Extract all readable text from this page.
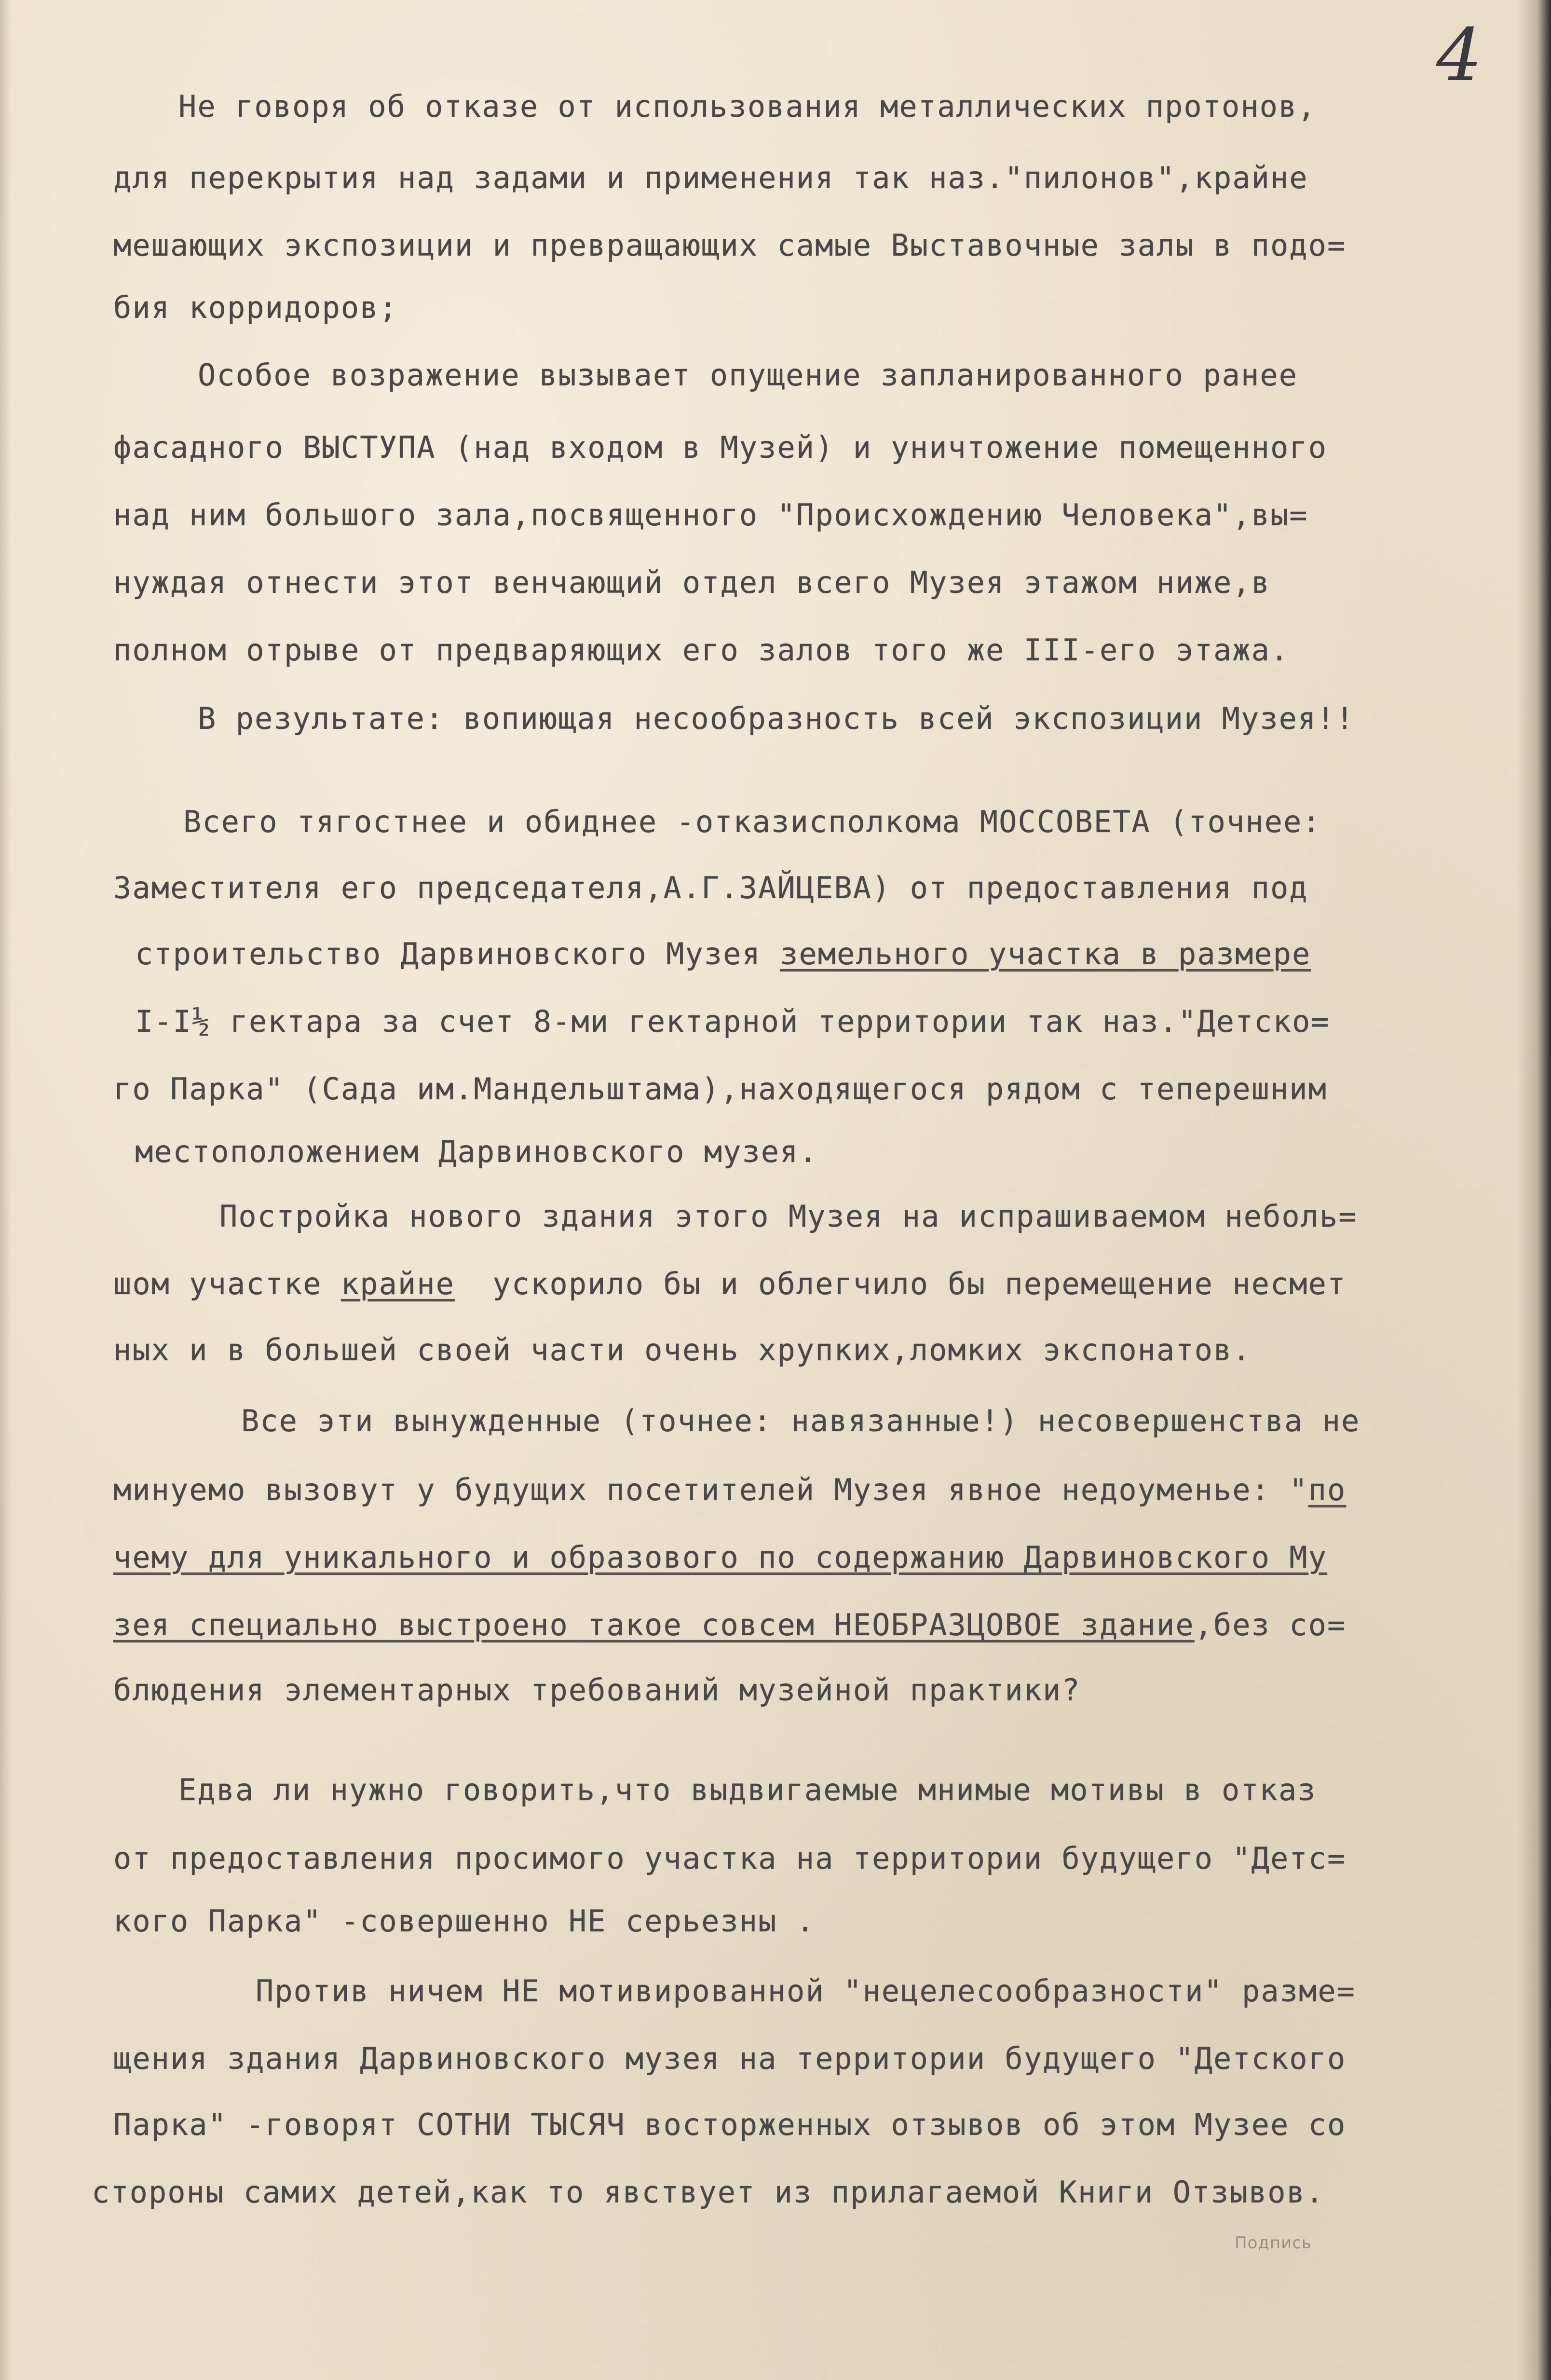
4
Не говоря об отказе от использования металлических протонов,
для перекрытия над задами и применения так наз."пилонов",крайне
мешающих экспозиции и превращающих самые Выставочные залы в подо=
бия корридоров;
Особое возражение вызывает опущение запланированного ранее
фасадного ВЫСТУПА (над входом в Музей) и уничтожение помещенного
над ним большого зала,посвященного "Происхождению Человека",вы=
нуждая отнести этот венчающий отдел всего Музея этажом ниже,в
полном отрыве от предваряющих его залов того же III-его этажа.
В результате: вопиющая несообразность всей экспозиции Музея!!
Всего тягостнее и обиднее -отказисполкома МОССОВЕТА (точнее:
Заместителя его председателя,А.Г.ЗАЙЦЕВА) от предоставления под
строительство Дарвиновского Музея земельного участка в размере
I-I½ гектара за счет 8-ми гектарной территории так наз."Детско=
го Парка" (Сада им.Мандельштама),находящегося рядом с теперешним
местоположением Дарвиновского музея.
Постройка нового здания этого Музея на испрашиваемом неболь=
шом участке крайне  ускорило бы и облегчило бы перемещение несмет
ных и в большей своей части очень хрупких,ломких экспонатов.
Все эти вынужденные (точнее: навязанные!) несовершенства не
минуемо вызовут у будущих посетителей Музея явное недоуменье: "по
чему для уникального и образового по содержанию Дарвиновского Му
зея специально выстроено такое совсем НЕОБРАЗЦОВОЕ здание,без со=
блюдения элементарных требований музейной практики?
Едва ли нужно говорить,что выдвигаемые мнимые мотивы в отказ
от предоставления просимого участка на территории будущего "Детс=
кого Парка" -совершенно НЕ серьезны .
Против ничем НЕ мотивированной "нецелесообразности" разме=
щения здания Дарвиновского музея на территории будущего "Детского
Парка" -говорят СОТНИ ТЫСЯЧ восторженных отзывов об этом Музее со
стороны самих детей,как то явствует из прилагаемой Книги Отзывов.
Подпись
